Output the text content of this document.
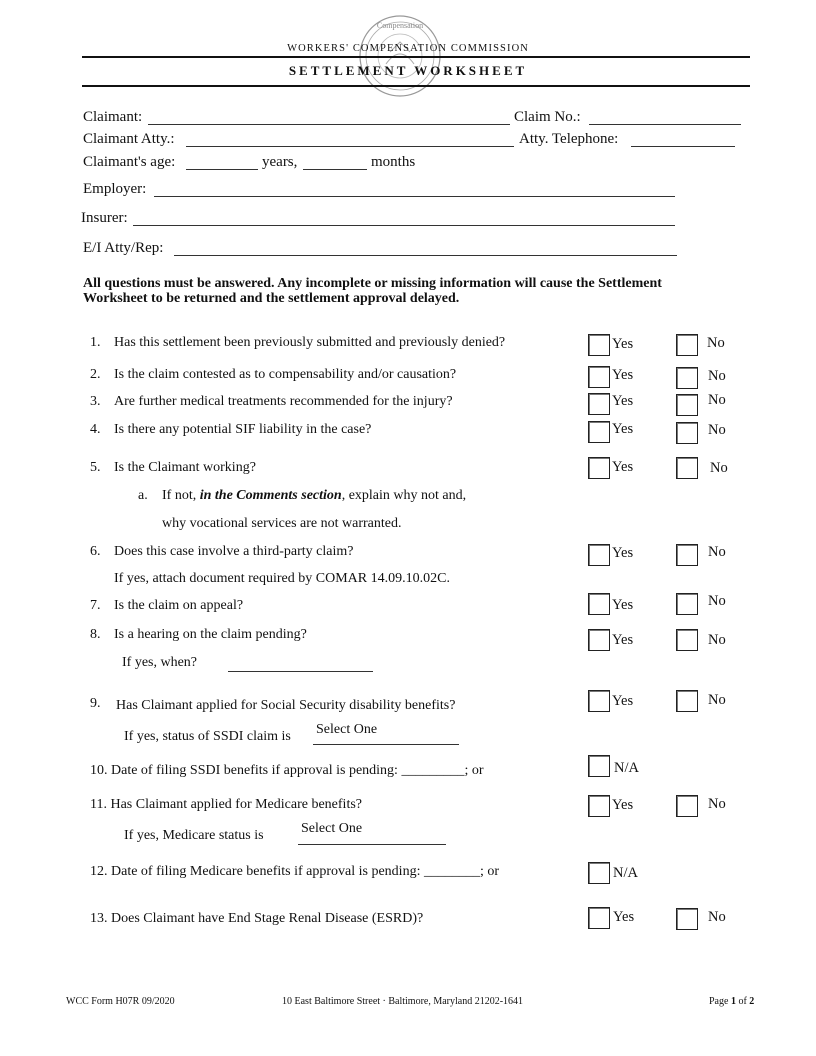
Compensation
WORKERS' COMPENSATION COMMISSION
SETTLEMENT WORKSHEET
Claimant:	Claim No.:
Claimant Atty.:	Atty. Telephone:
Claimant's age:	years,	months
Employer:
Insurer:
E/I Atty/Rep:
All questions must be answered. Any incomplete or missing information will cause the Settlement Worksheet to be returned and the settlement approval delayed.
1. Has this settlement been previously submitted and previously denied?	Yes	No
2. Is the claim contested as to compensability and/or causation?	Yes	No
3. Are further medical treatments recommended for the injury?	Yes	No
4. Is there any potential SIF liability in the case?	Yes	No
5. Is the Claimant working?	Yes	No
a. If not, in the Comments section, explain why not and,
why vocational services are not warranted.
6. Does this case involve a third-party claim?	Yes	No
If yes, attach document required by COMAR 14.09.10.02C.
7. Is the claim on appeal?	Yes	No
8. Is a hearing on the claim pending?	Yes	No
If yes, when?
9. Has Claimant applied for Social Security disability benefits?	Yes	No
If yes, status of SSDI claim is Select One
10. Date of filing SSDI benefits if approval is pending: _________; or	N/A
11. Has Claimant applied for Medicare benefits?	Yes	No
If yes, Medicare status is	Select One
12. Date of filing Medicare benefits if approval is pending: ________; or	N/A
13. Does Claimant have End Stage Renal Disease (ESRD)?	Yes	No
WCC Form H07R 09/2020	10 East Baltimore Street · Baltimore, Maryland 21202-1641	Page 1 of 2
